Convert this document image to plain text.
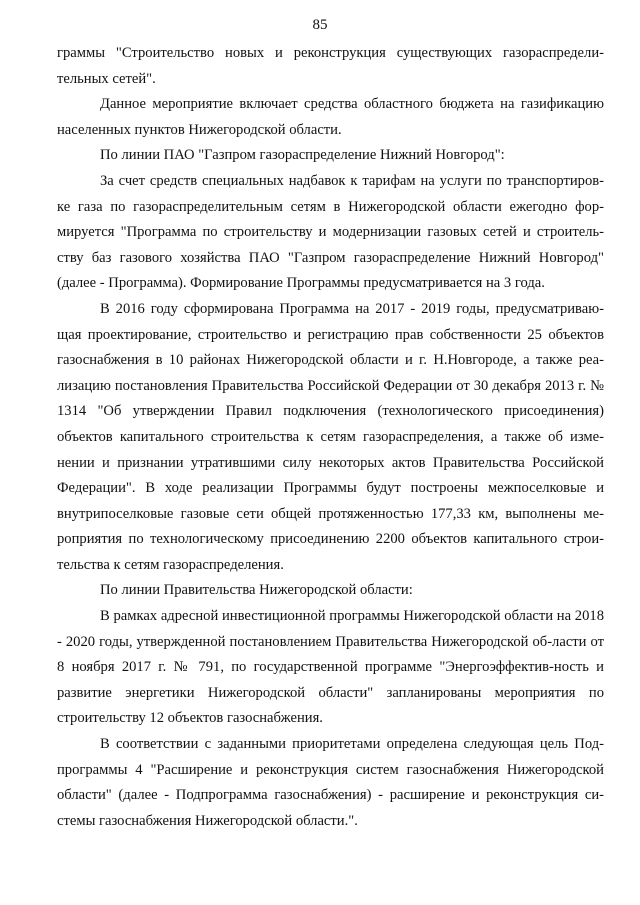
85

граммы "Строительство новых и реконструкция существующих газораспредели-тельных сетей".

Данное мероприятие включает средства областного бюджета на газификацию населенных пунктов Нижегородской области.

По линии ПАО "Газпром газораспределение Нижний Новгород":

За счет средств специальных надбавок к тарифам на услуги по транспортиров-ке газа по газораспределительным сетям в Нижегородской области ежегодно фор-мируется "Программа по строительству и модернизации газовых сетей и строитель-ству баз газового хозяйства ПАО "Газпром газораспределение Нижний Новгород" (далее - Программа). Формирование Программы предусматривается на 3 года.

В 2016 году сформирована Программа на 2017 - 2019 годы, предусматриваю-щая проектирование, строительство и регистрацию прав собственности 25 объектов газоснабжения в 10 районах Нижегородской области и г. Н.Новгороде, а также реа-лизацию постановления Правительства Российской Федерации от 30 декабря 2013 г. № 1314 "Об утверждении Правил подключения (технологического присоединения) объектов капитального строительства к сетям газораспределения, а также об изме-нении и признании утратившими силу некоторых актов Правительства Российской Федерации". В ходе реализации Программы будут построены межпоселковые и внутрипоселковые газовые сети общей протяженностью 177,33 км, выполнены ме-роприятия по технологическому присоединению 2200 объектов капитального строи-тельства к сетям газораспределения.

По линии Правительства Нижегородской области:

В рамках адресной инвестиционной программы Нижегородской области на 2018 - 2020 годы, утвержденной постановлением Правительства Нижегородской об-ласти от 8 ноября 2017 г. № 791, по государственной программе "Энергоэффектив-ность и развитие энергетики Нижегородской области" запланированы мероприятия по строительству 12 объектов газоснабжения.

В соответствии с заданными приоритетами определена следующая цель Под-программы 4 "Расширение и реконструкция систем газоснабжения Нижегородской области" (далее - Подпрограмма газоснабжения) - расширение и реконструкция си-стемы газоснабжения Нижегородской области.".
